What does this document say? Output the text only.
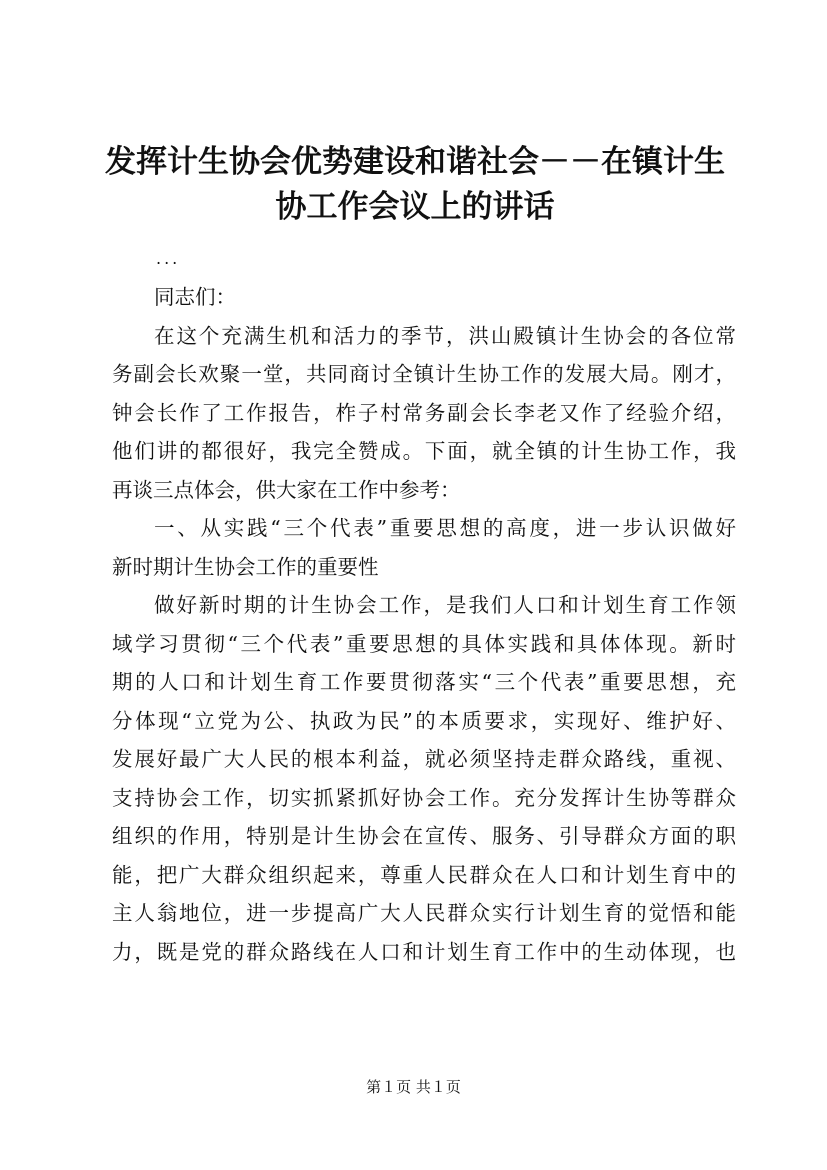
发挥计生协会优势建设和谐社会－－在镇计生
协工作会议上的讲话
...

同志们：

在这个充满生机和活力的季节，洪山殿镇计生协会的各位常
务副会长欢聚一堂，共同商讨全镇计生协工作的发展大局。刚才，
钟会长作了工作报告，柞子村常务副会长李老又作了经验介绍，
他们讲的都很好，我完全赞成。下面，就全镇的计生协工作，我
再谈三点体会，供大家在工作中参考：

一、从实践“三个代表”重要思想的高度，进一步认识做好
新时期计生协会工作的重要性

做好新时期的计生协会工作，是我们人口和计划生育工作领
域学习贯彻“三个代表”重要思想的具体实践和具体体现。新时
期的人口和计划生育工作要贯彻落实“三个代表”重要思想，充
分体现“立党为公、执政为民”的本质要求，实现好、维护好、
发展好最广大人民的根本利益，就必须坚持走群众路线，重视、
支持协会工作，切实抓紧抓好协会工作。充分发挥计生协等群众
组织的作用，特别是计生协会在宣传、服务、引导群众方面的职
能，把广大群众组织起来，尊重人民群众在人口和计划生育中的
主人翁地位，进一步提高广大人民群众实行计划生育的觉悟和能
力，既是党的群众路线在人口和计划生育工作中的生动体现，也

第１页 共１页
